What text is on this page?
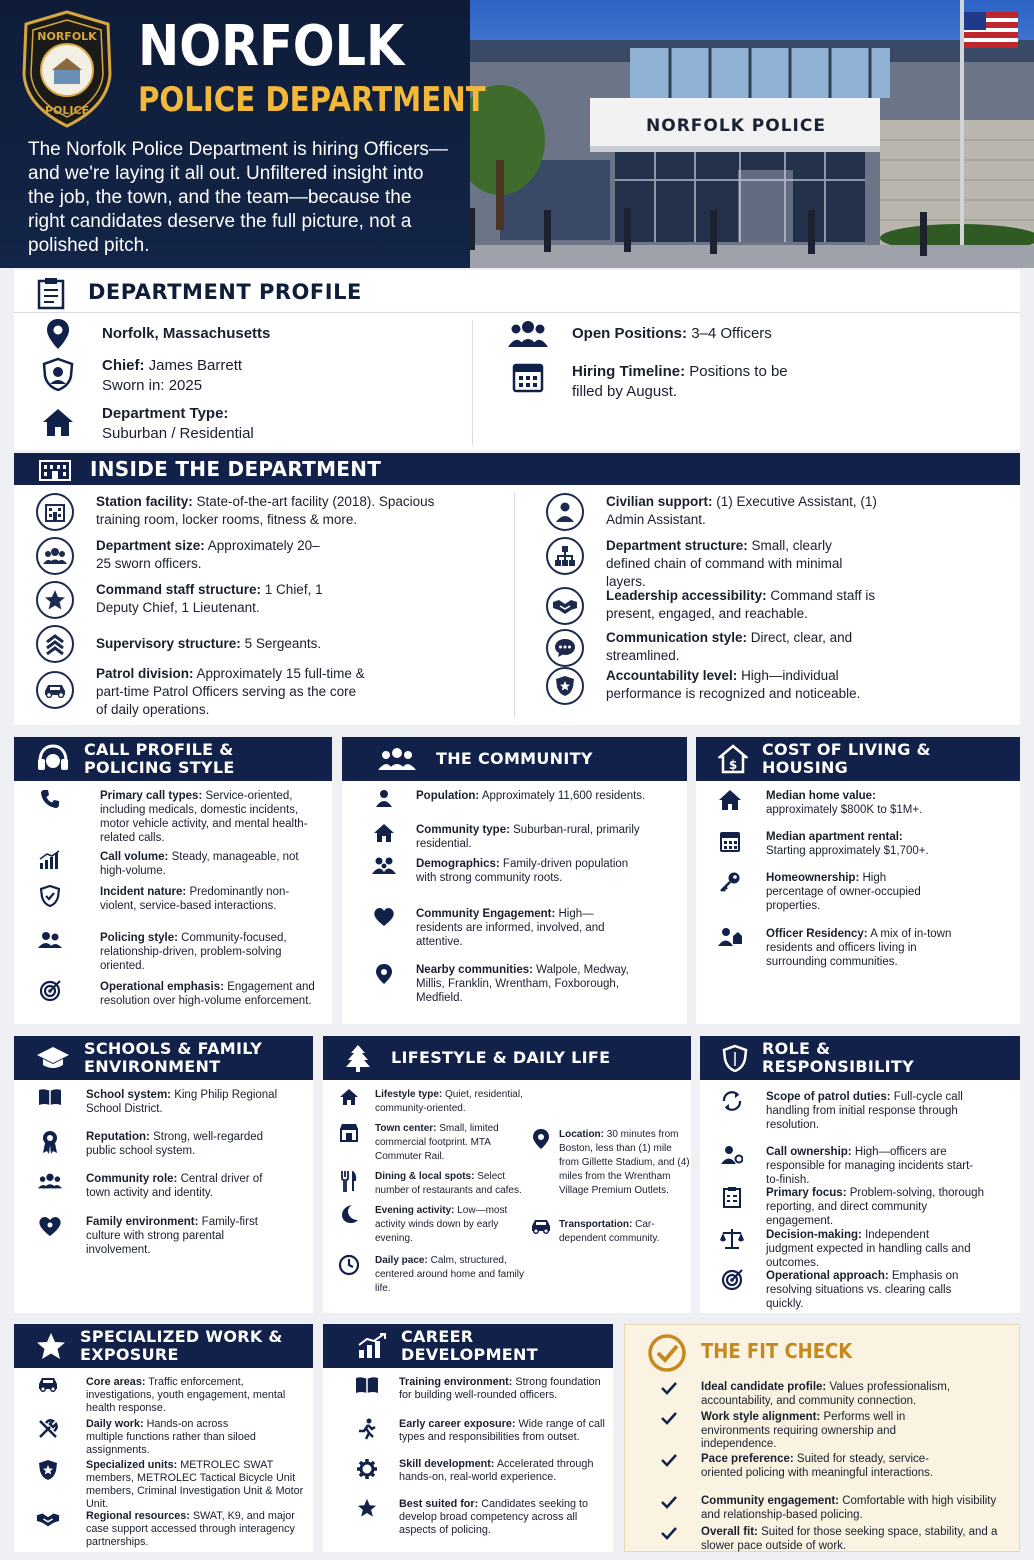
NORFOLK POLICE
NORFOLK
POLICE
NORFOLK
POLICE DEPARTMENT
The Norfolk Police Department is hiring Officers—and we're laying it all out. Unfiltered insight into the job, the town, and the team—because the right candidates deserve the full picture, not a polished pitch.
DEPARTMENT PROFILE
Norfolk, Massachusetts
Chief: James Barrett
Sworn in: 2025
Department Type:
Suburban / Residential
Open Positions: 3–4 Officers
Hiring Timeline: Positions to be filled by August.
INSIDE THE DEPARTMENT
Station facility: State-of-the-art facility (2018). Spacious training room, locker rooms, fitness & more.
Department size: Approximately 20–25 sworn officers.
Command staff structure: 1 Chief, 1 Deputy Chief, 1 Lieutenant.
Supervisory structure: 5 Sergeants.
Patrol division: Approximately 15 full-time & part-time Patrol Officers serving as the core of daily operations.
Civilian support: (1) Executive Assistant, (1) Admin Assistant.
Department structure: Small, clearly defined chain of command with minimal layers.
Leadership accessibility: Command staff is present, engaged, and reachable.
Communication style: Direct, clear, and streamlined.
Accountability level: High—individual performance is recognized and noticeable.
CALL PROFILE &
POLICING STYLE
Primary call types: Service-oriented, including medicals, domestic incidents, motor vehicle activity, and mental health-related calls.
Call volume: Steady, manageable, not high-volume.
Incident nature: Predominantly non-violent, service-based interactions.
Policing style: Community-focused, relationship-driven, problem-solving oriented.
Operational emphasis: Engagement and resolution over high-volume enforcement.
THE COMMUNITY
Population: Approximately 11,600 residents.
Community type: Suburban-rural, primarily residential.
Demographics: Family-driven population with strong community roots.
Community Engagement: High—residents are informed, involved, and attentive.
Nearby communities: Walpole, Medway, Millis, Franklin, Wrentham, Foxborough, Medfield.
$
COST OF LIVING &
HOUSING
Median home value:
approximately $800K to $1M+.
Median apartment rental:
Starting approximately $1,700+.
Homeownership: High percentage of owner-occupied properties.
Officer Residency: A mix of in-town residents and officers living in surrounding communities.
SCHOOLS & FAMILY
ENVIRONMENT
School system: King Philip Regional School District.
Reputation: Strong, well-regarded public school system.
Community role: Central driver of town activity and identity.
Family environment: Family-first culture with strong parental involvement.
LIFESTYLE & DAILY LIFE
Lifestyle type: Quiet, residential, community-oriented.
Town center: Small, limited commercial footprint. MTA Commuter Rail.
Dining & local spots: Select number of restaurants and cafes.
Evening activity: Low—most activity winds down by early evening.
Daily pace: Calm, structured, centered around home and family life.
Location: 30 minutes from Boston, less than (1) mile from Gillette Stadium, and (4) miles from the Wrentham Village Premium Outlets.
Transportation: Car-dependent community.
ROLE &
RESPONSIBILITY
Scope of patrol duties: Full-cycle call handling from initial response through resolution.
Call ownership: High—officers are responsible for managing incidents start-to-finish.
Primary focus: Problem-solving, thorough reporting, and direct community engagement.
Decision-making: Independent judgment expected in handling calls and outcomes.
Operational approach: Emphasis on resolving situations vs. clearing calls quickly.
SPECIALIZED WORK &
EXPOSURE
Core areas: Traffic enforcement, investigations, youth engagement, mental health response.
Daily work: Hands-on across multiple functions rather than siloed assignments.
Specialized units: METROLEC SWAT members, METROLEC Tactical Bicycle Unit members, Criminal Investigation Unit & Motor Unit.
Regional resources: SWAT, K9, and major case support accessed through interagency partnerships.
CAREER
DEVELOPMENT
Training environment: Strong foundation for building well-rounded officers.
Early career exposure: Wide range of call types and responsibilities from outset.
Skill development: Accelerated through hands-on, real-world experience.
Best suited for: Candidates seeking to develop broad competency across all aspects of policing.
THE FIT CHECK
Ideal candidate profile: Values professionalism, accountability, and community connection.
Work style alignment: Performs well in environments requiring ownership and independence.
Pace preference: Suited for steady, service-oriented policing with meaningful interactions.
Community engagement: Comfortable with high visibility and relationship-based policing.
Overall fit: Suited for those seeking space, stability, and a slower pace outside of work.
